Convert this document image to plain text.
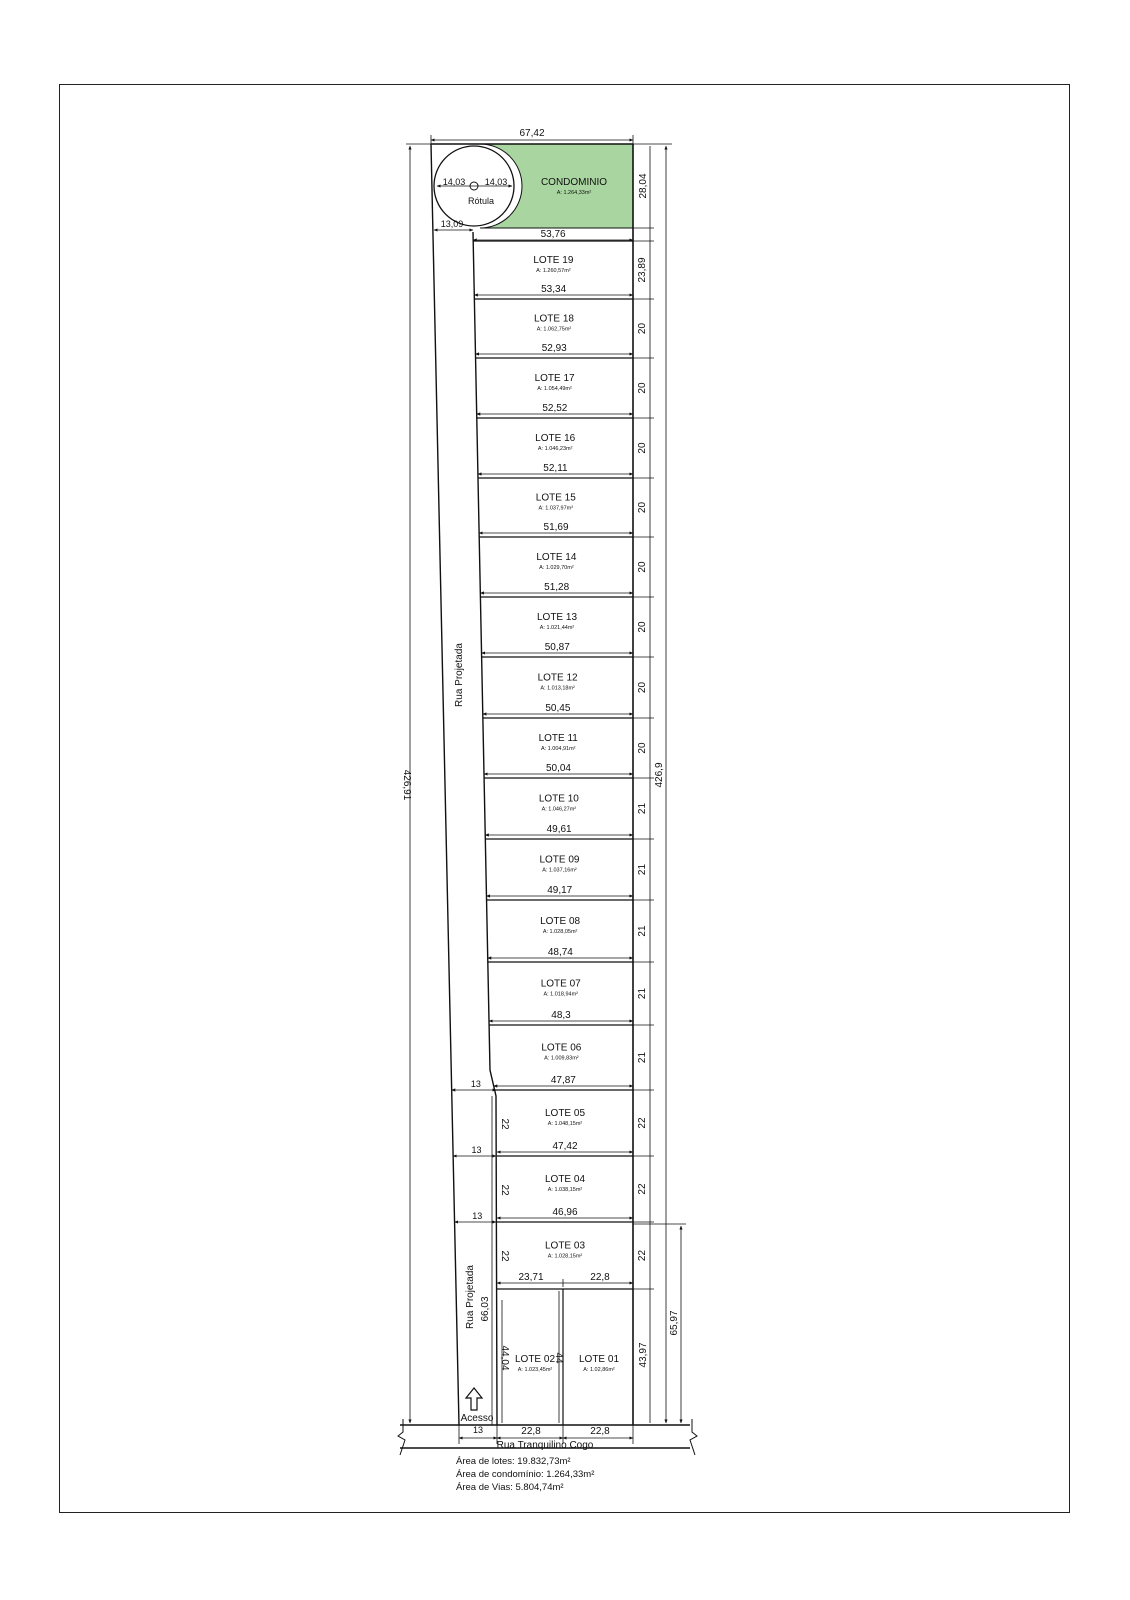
LOTE 19
A: 1.260,57m²
53,34
53,76
23,89
LOTE 18
A: 1.062,75m²
52,93
20
LOTE 17
A: 1.054,49m²
52,52
20
LOTE 16
A: 1.046,23m²
52,11
20
LOTE 15
A: 1.037,97m²
51,69
20
LOTE 14
A: 1.029,70m²
51,28
20
LOTE 13
A: 1.021,44m²
50,87
20
LOTE 12
A: 1.013,18m²
50,45
20
LOTE 11
A: 1.004,91m²
50,04
20
LOTE 10
A: 1.046,27m²
49,61
21
LOTE 09
A: 1.037,16m²
49,17
21
LOTE 08
A: 1.028,05m²
48,74
21
LOTE 07
A: 1.018,94m²
48,3
21
LOTE 06
A: 1.009,83m²
47,87
21
LOTE 05
A: 1.048,15m²
47,42
22
22
LOTE 04
A: 1.038,15m²
46,96
22
22
LOTE 03
A: 1.028,15m²	22
22
13
13
13
67,42
426,91	426,9
65,97
CONDOMINIO
A: 1.264,33m²	28,04
Rótula
14,03 14,03
13,09
Rua Projetada
Rua Projetada 66,03
Acesso
13
Rua Tranquilino Cogo
LOTE 02
A: 1.023,45m²
23,71
22,8
44,04	44 LOTE 01
A: 1.02,86m²
22,8
22,8
43,97
Área de lotes: 19.832,73m²
Área de condomínio: 1.264,33m²
Área de Vias: 5.804,74m²
